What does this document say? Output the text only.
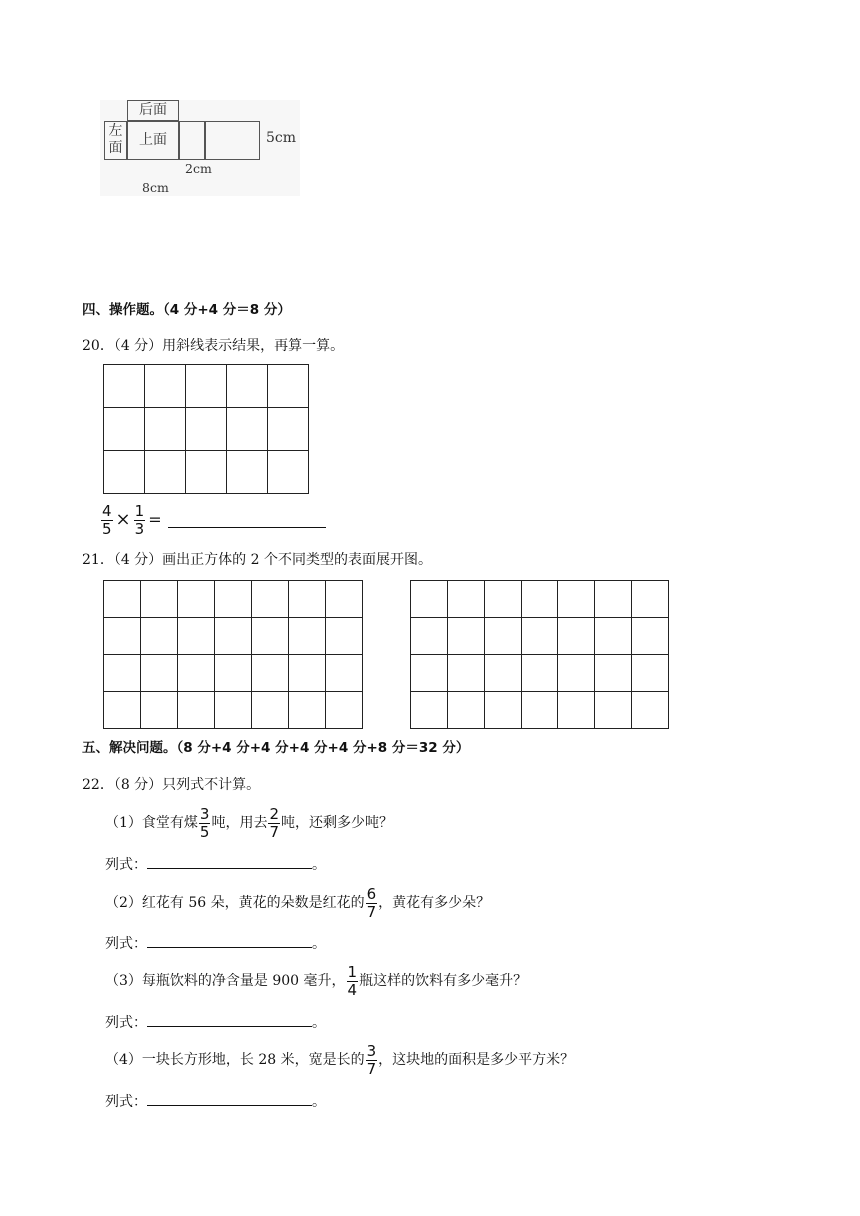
后面
左
面	上面	5cm
2cm
8cm
四、操作题。（4 分+4 分＝8 分）
20．（4 分）用斜线表示结果，再算一算。

$\frac{4}{5} \times \frac{1}{3}$ =
21．（4 分）画出正方体的 2 个不同类型的表面展开图。

五、解决问题。（8 分+4 分+4 分+4 分+4 分+8 分＝32 分）
22．（8 分）只列式不计算。
（1）食堂有煤 $\frac{3}{5}$ 吨，用去 $\frac{2}{7}$ 吨，还剩多少吨？
列式：	。
（2）红花有 56 朵，黄花的朵数是红花的 $\frac{6}{7}$ ，黄花有多少朵？
列式：	。
（3）每瓶饮料的净含量是 900 毫升， $\frac{1}{4}$ 瓶这样的饮料有多少毫升？
列式：	。
（4）一块长方形地，长 28 米，宽是长的 $\frac{3}{7}$ ，这块地的面积是多少平方米？
列式：	。
